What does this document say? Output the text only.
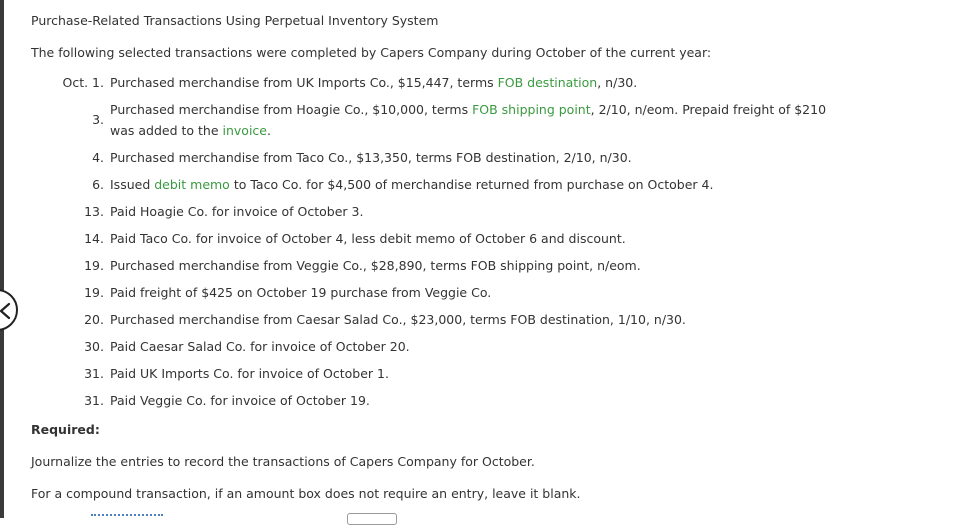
Purchase-Related Transactions Using Perpetual Inventory System
The following selected transactions were completed by Capers Company during October of the current year:
Oct. 1. Purchased merchandise from UK Imports Co., $15,447, terms FOB destination, n/30.
3.
Purchased merchandise from Hoagie Co., $10,000, terms FOB shipping point, 2/10, n/eom. Prepaid freight of $210
was added to the invoice.
4. Purchased merchandise from Taco Co., $13,350, terms FOB destination, 2/10, n/30.
6. Issued debit memo to Taco Co. for $4,500 of merchandise returned from purchase on October 4.
13. Paid Hoagie Co. for invoice of October 3.
14. Paid Taco Co. for invoice of October 4, less debit memo of October 6 and discount.
19. Purchased merchandise from Veggie Co., $28,890, terms FOB shipping point, n/eom.
19. Paid freight of $425 on October 19 purchase from Veggie Co.
20. Purchased merchandise from Caesar Salad Co., $23,000, terms FOB destination, 1/10, n/30.
30. Paid Caesar Salad Co. for invoice of October 20.
31. Paid UK Imports Co. for invoice of October 1.
31. Paid Veggie Co. for invoice of October 19.
Required:
Journalize the entries to record the transactions of Capers Company for October.
For a compound transaction, if an amount box does not require an entry, leave it blank.
